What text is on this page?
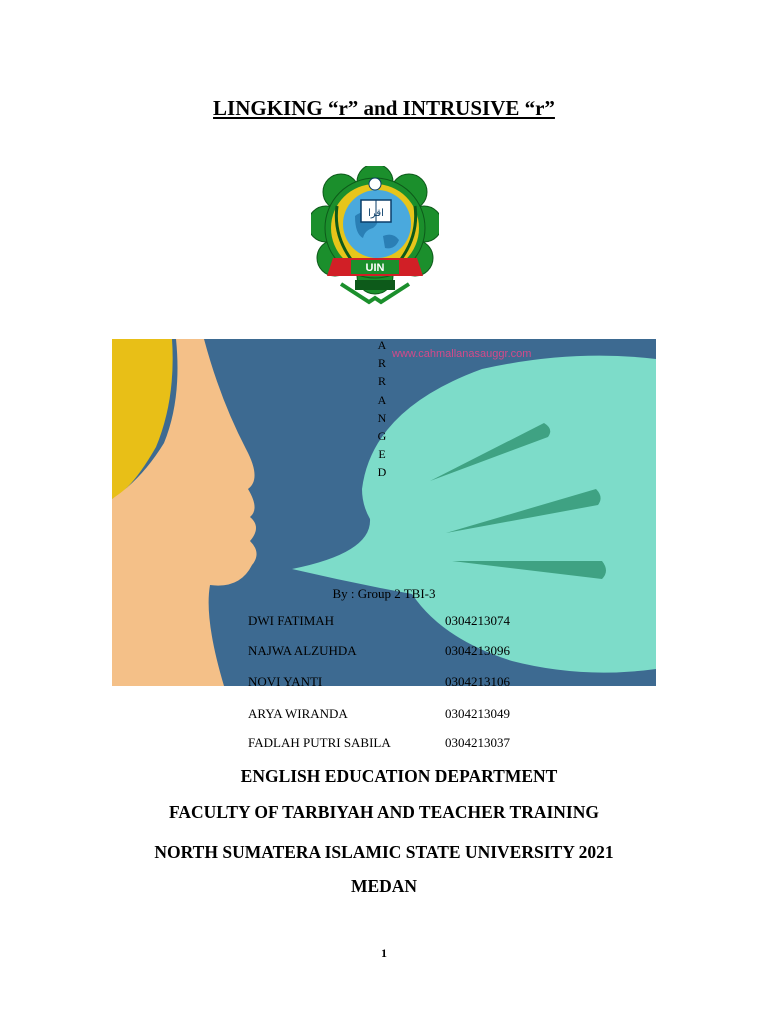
LINGKING “r” and INTRUSIVE “r”
اقرا
UIN
www.cahmallanasauggr.com
A
R
R
A
N
G
E
D
By : Group 2 TBI-3
DWI FATIMAH	0304213074
NAJWA ALZUHDA	0304213096
NOVI YANTI	0304213106
ARYA WIRANDA	0304213049
FADLAH PUTRI SABILA	0304213037
ENGLISH EDUCATION DEPARTMENT
FACULTY OF TARBIYAH AND TEACHER TRAINING
NORTH SUMATERA ISLAMIC STATE UNIVERSITY 2021
MEDAN
1
